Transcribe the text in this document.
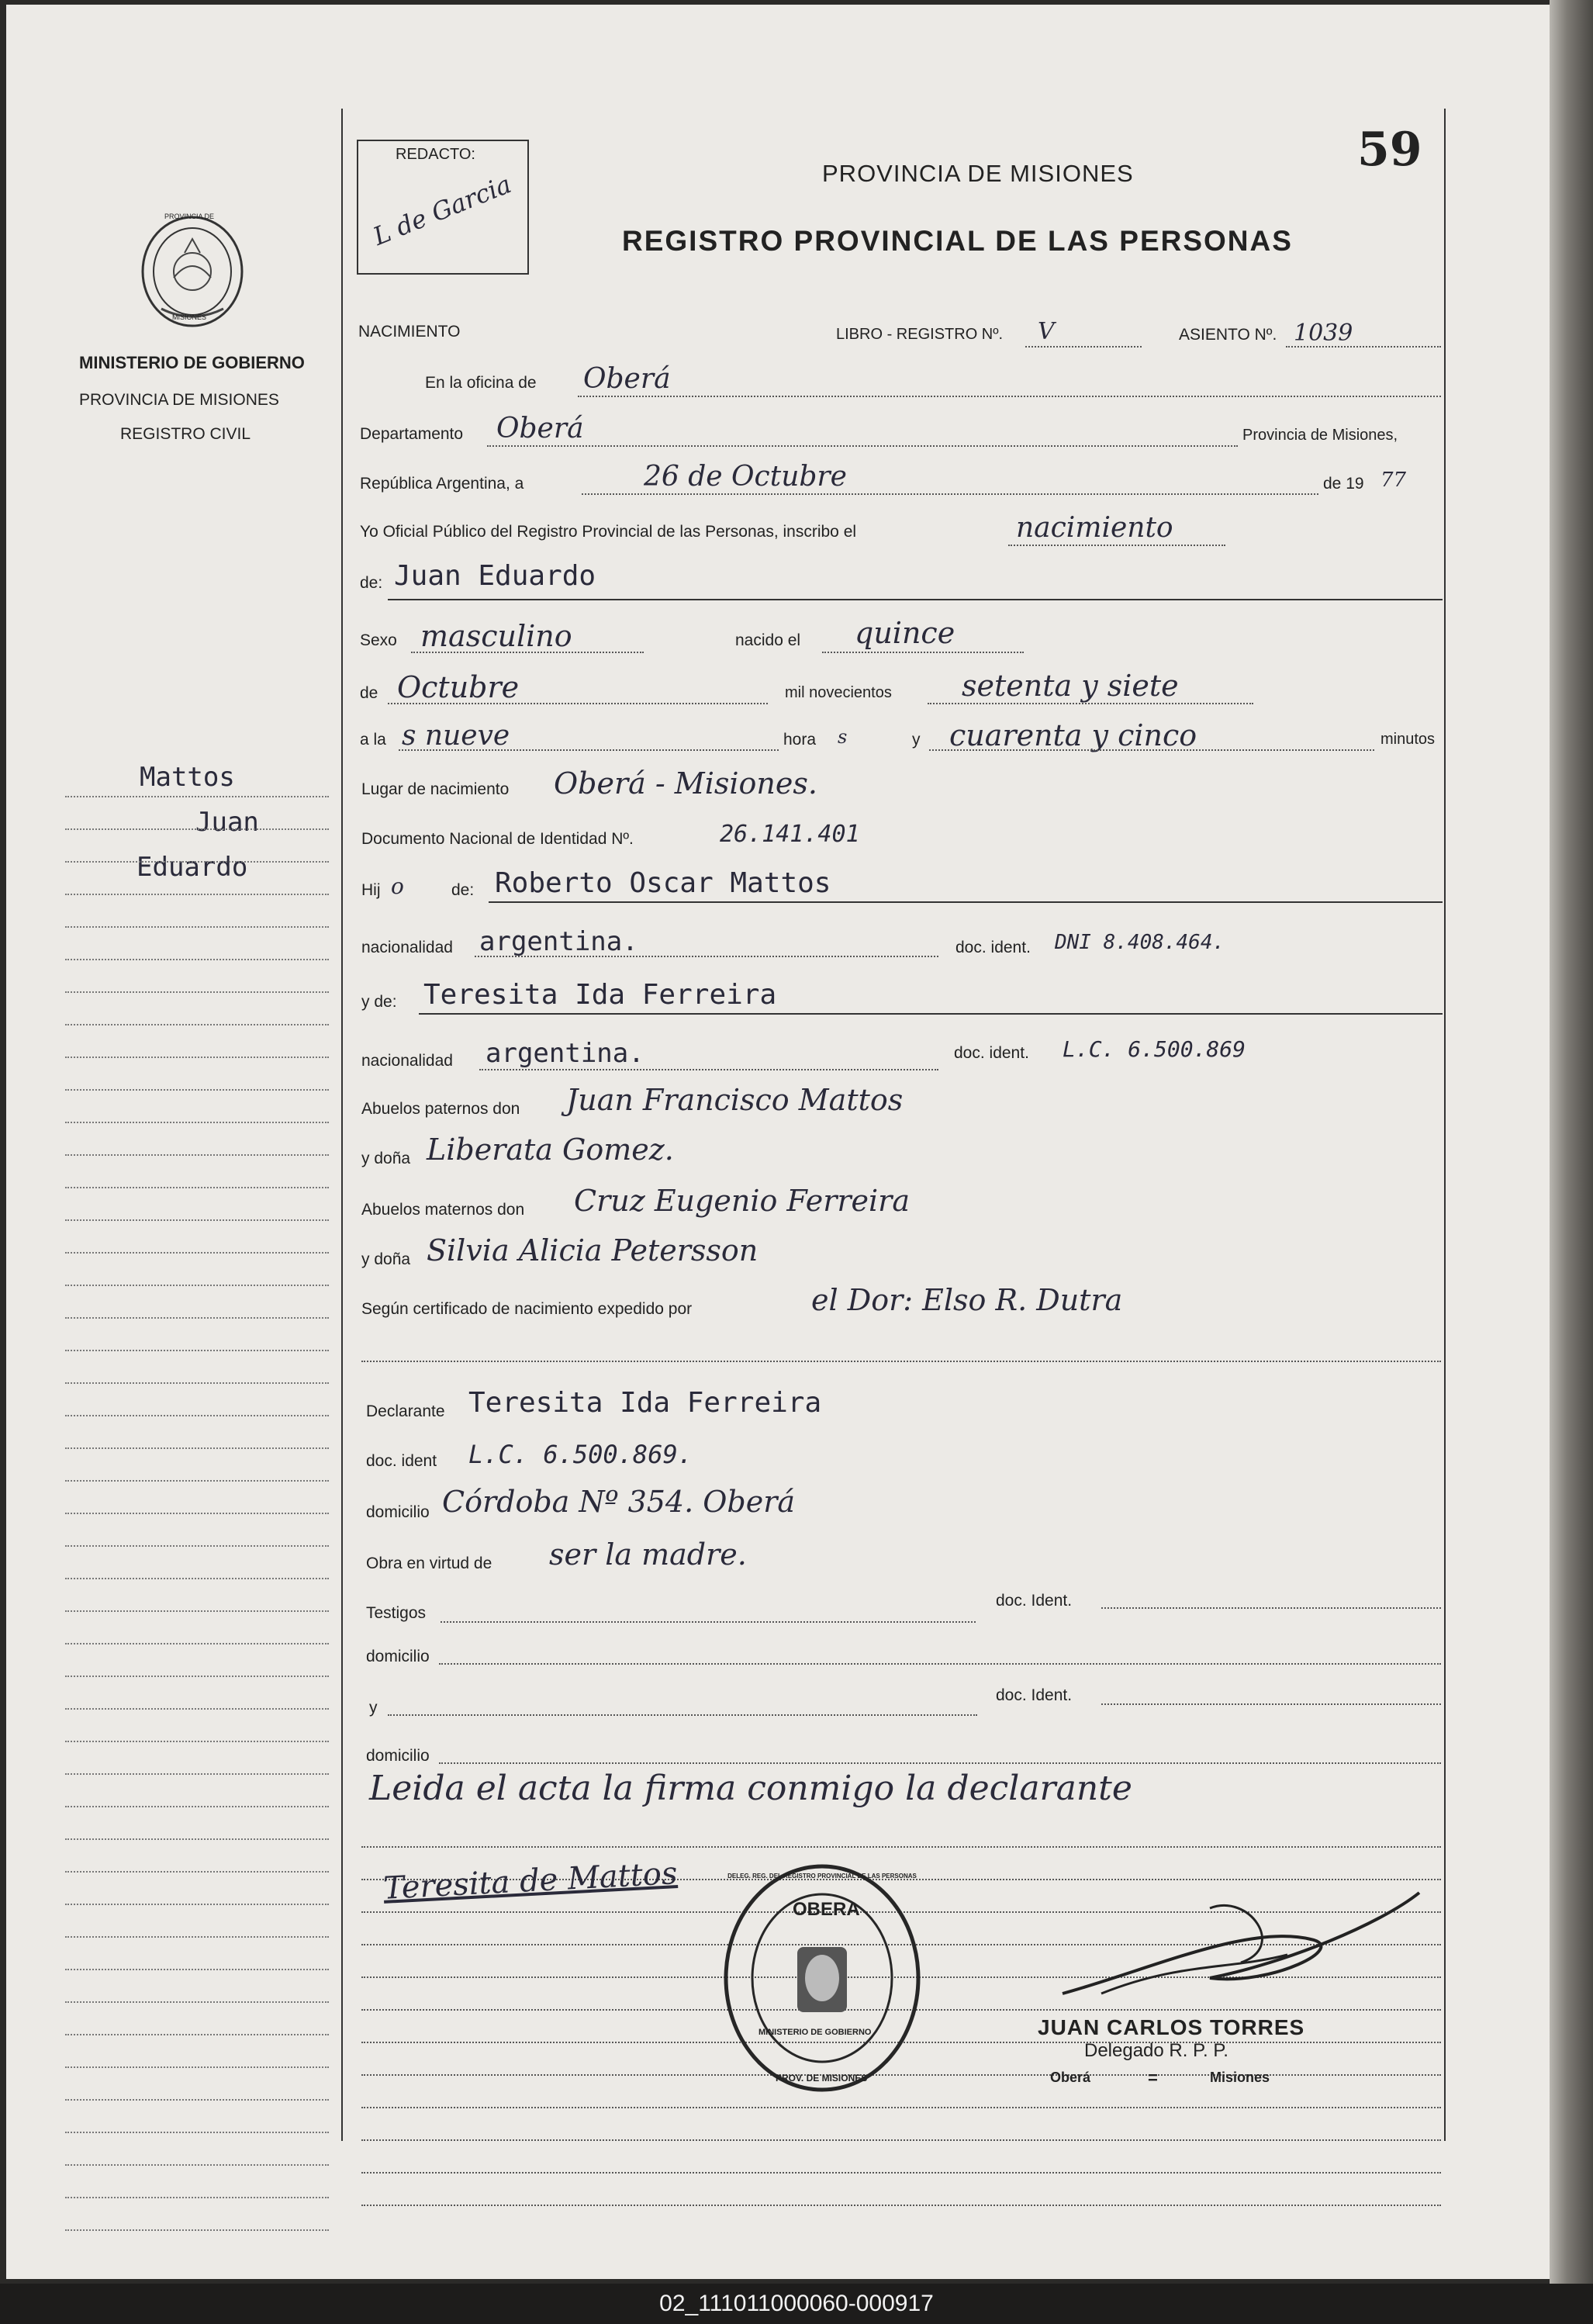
59
REDACTO:
L de Garcia	PROVINCIA DE MISIONES
REGISTRO PROVINCIAL DE LAS PERSONAS
PROVINCIA DE
MISIONES
MINISTERIO DE GOBIERNO
PROVINCIA DE MISIONES
REGISTRO CIVIL
Mattos
Juan
Eduardo
NACIMIENTO	LIBRO - REGISTRO Nº. V	ASIENTO Nº. 1039
En la oficina de Oberá
Departamento Oberá	Provincia de Misiones,
República Argentina, a	26 de Octubre	de 19 77
Yo Oficial Público del Registro Provincial de las Personas, inscribo el	nacimiento
de: Juan Eduardo
Sexo masculino	nacido el quince
de Octubre	mil novecientos setenta y siete
a la s nueve	hora s	y cuarenta y cinco	minutos
Lugar de nacimiento Oberá - Misiones.
Documento Nacional de Identidad Nº.	26.141.401
Hij o	de: Roberto Oscar Mattos
nacionalidad argentina.	doc. ident. DNI 8.408.464.
y de: Teresita Ida Ferreira
nacionalidad argentina.	doc. ident. L.C. 6.500.869
Abuelos paternos don Juan Francisco Mattos
y doña Liberata Gomez.
Abuelos maternos don Cruz Eugenio Ferreira
y doña Silvia Alicia Petersson
Según certificado de nacimiento expedido por	el Dor: Elso R. Dutra
Declarante Teresita Ida Ferreira
doc. ident L.C. 6.500.869.
domicilio Córdoba Nº 354. Oberá
Obra en virtud de ser la madre.
Testigos
doc. Ident.
domicilio
y
doc. Ident.
domicilio
Leida el acta la firma conmigo la declarante
Teresita de Mattos
OBERA
DELEG. REG. DEL REGISTRO PROVINCIAL DE LAS PERSONAS
MINISTERIO DE GOBIERNO
PROV. DE MISIONES
JUAN CARLOS TORRES
Delegado R. P. P.
Oberá	=	Misiones
02_111011000060-000917
